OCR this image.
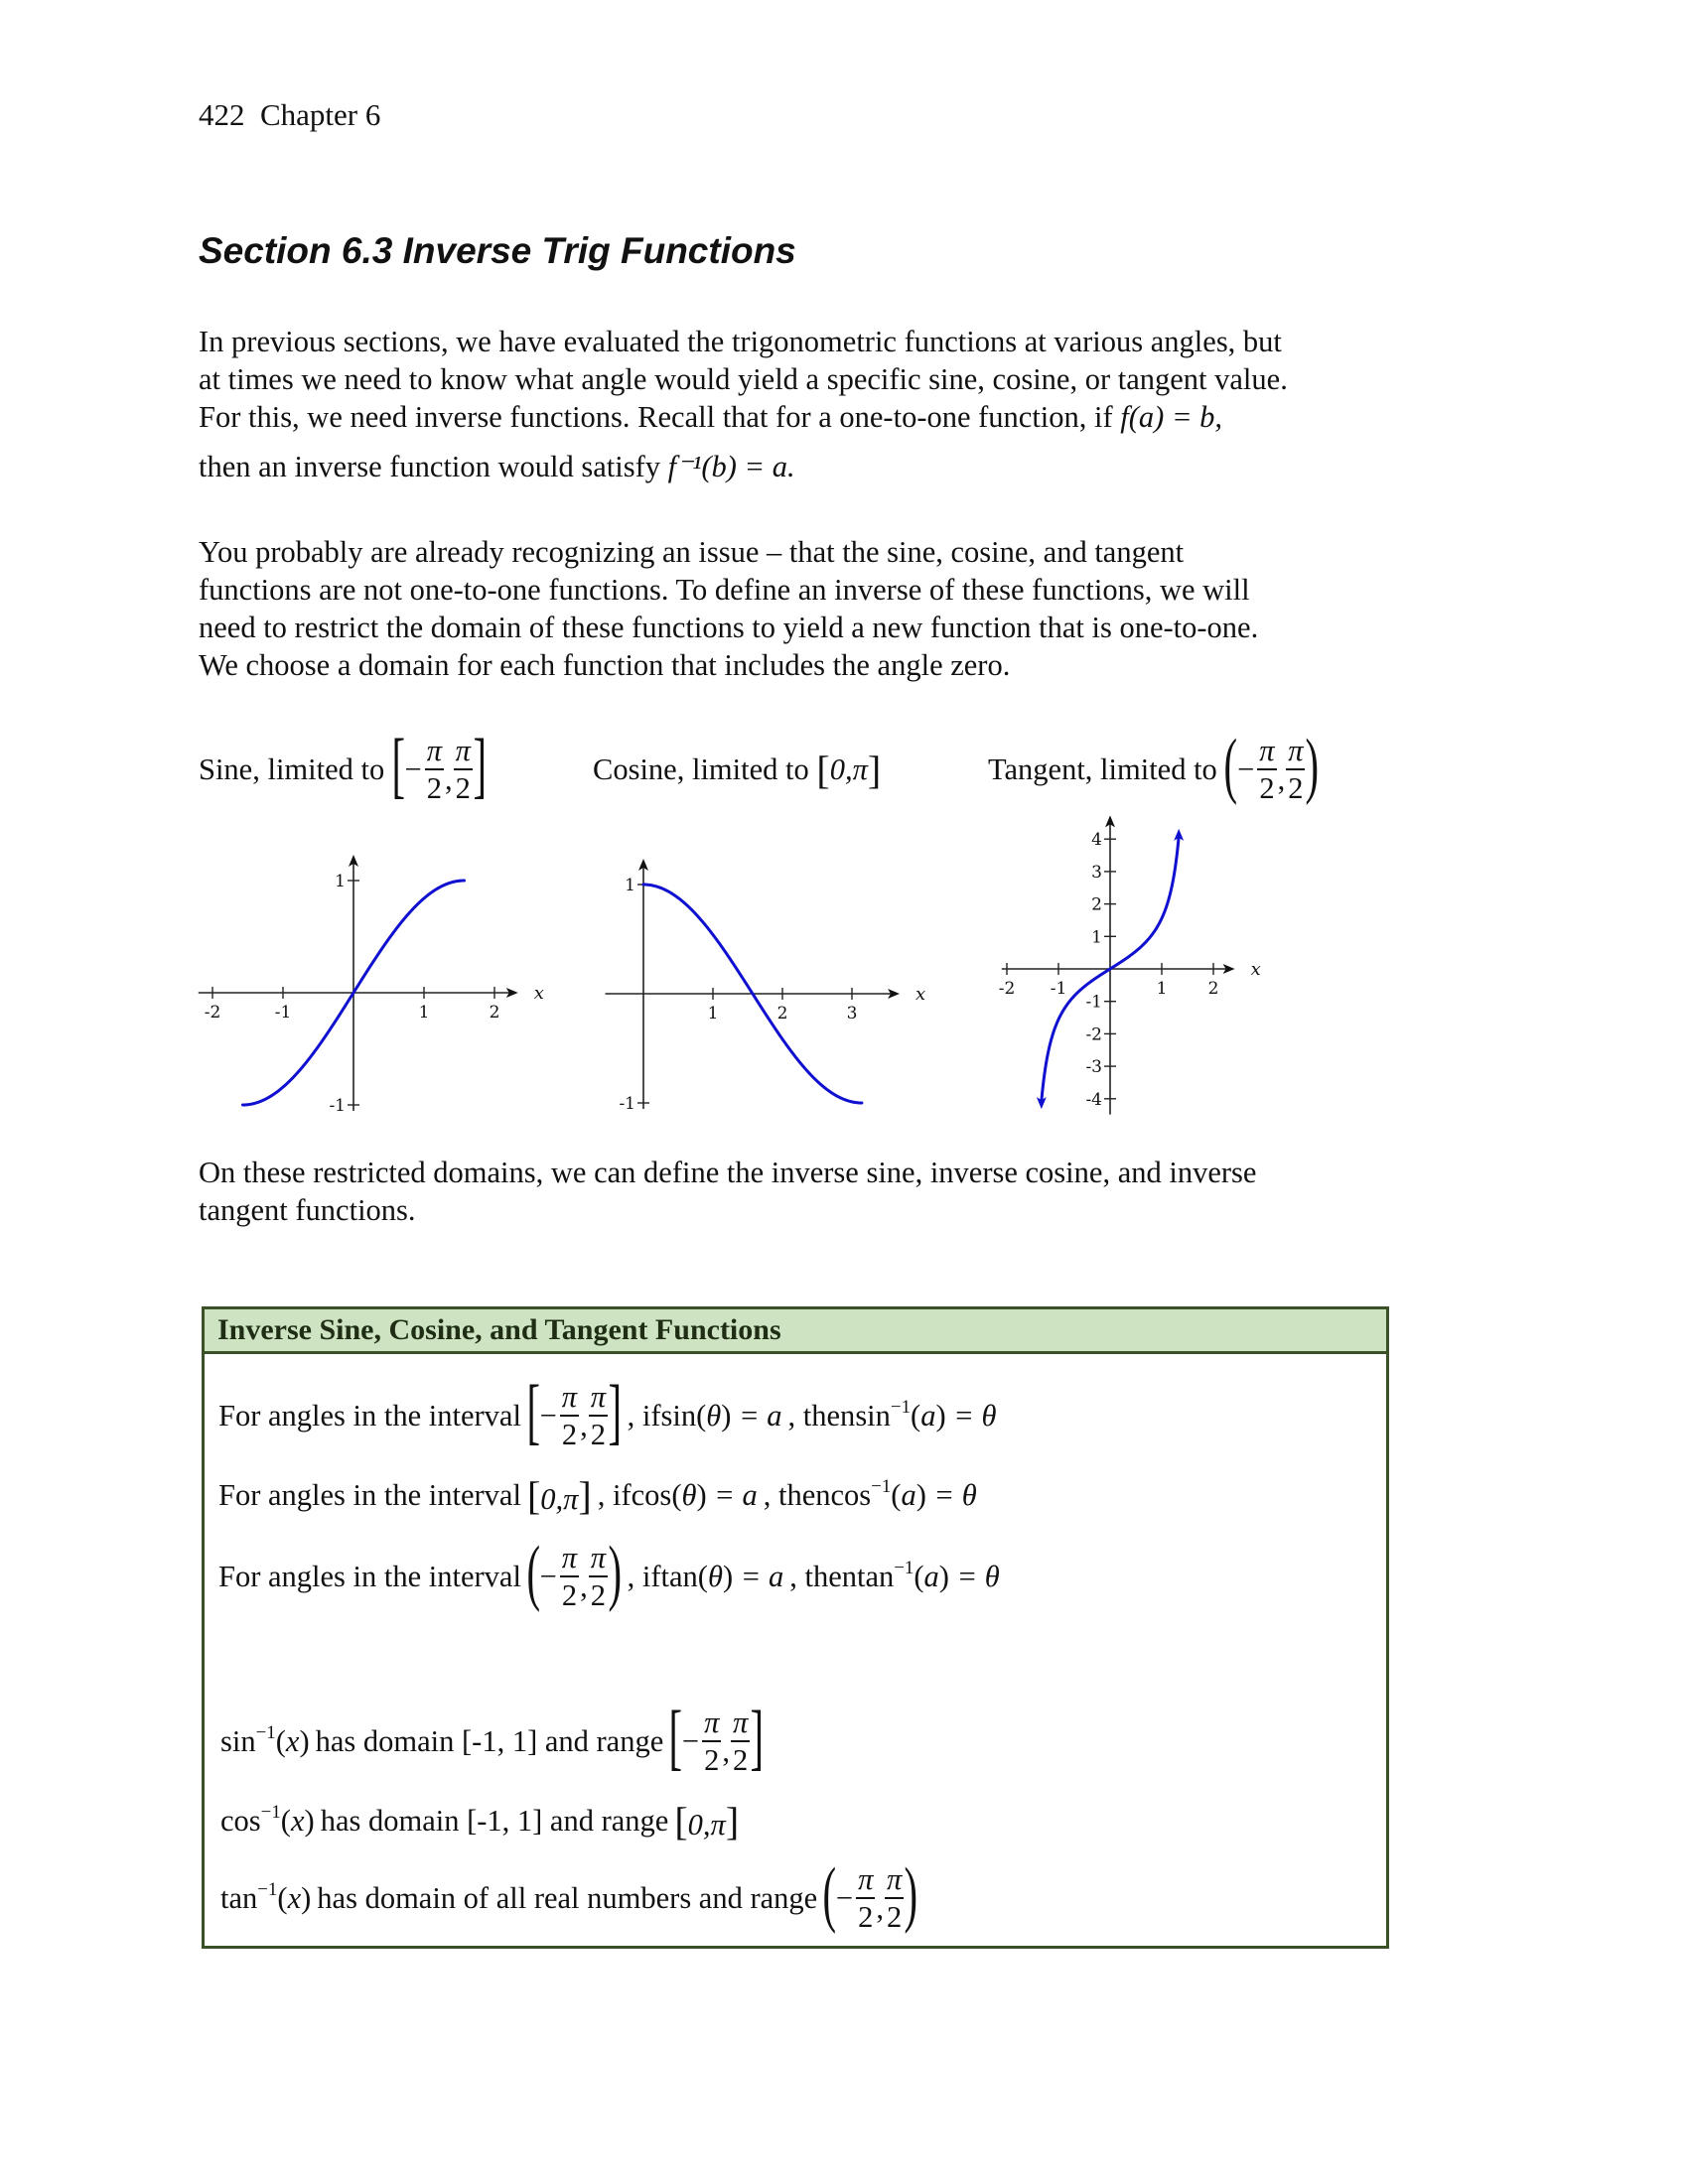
422  Chapter 6
Section 6.3 Inverse Trig Functions

In previous sections, we have evaluated the trigonometric functions at various angles, but

at times we need to know what angle would yield a specific sine, cosine, or tangent value.

For this, we need inverse functions. Recall that for a one-to-one function, if f(a) = b,

then an inverse function would satisfy f⁻¹(b) = a.

You probably are already recognizing an issue – that the sine, cosine, and tangent

functions are not one-to-one functions. To define an inverse of these functions, we will

need to restrict the domain of these functions to yield a new function that is one-to-one.

We choose a domain for each function that includes the angle zero.

Sine, limited to
[ − $\frac{\pi}{2}$ , $\frac{\pi}{2}$ ]	Cosine, limited to
[ 0,π ]	Tangent, limited to
( − $\frac{\pi}{2}$ , $\frac{\pi}{2}$ )
x
-2	-1	1	2
1
-1
x
1	2	3
1
-1
x
-2 -1	1 2
4
3
2
1
-1
-2
-3
-4

On these restricted domains, we can define the inverse sine, inverse cosine, and inverse

tangent functions.

Inverse Sine, Cosine, and Tangent Functions
For angles in the interval [ − $\frac{\pi}{2}$ , $\frac{\pi}{2}$ ] , if sin(θ) = a , then $\sin^{-1}(a) = \theta$
For angles in the interval [0,π] , if cos(θ) = a , then $\cos^{-1}(a) = \theta$
For angles in the interval ( − $\frac{\pi}{2}$ , $\frac{\pi}{2}$ ) , if tan(θ) = a , then $\tan^{-1}(a) = \theta$
$\sin^{-1}(x)$ has domain [-1, 1] and range [ − $\frac{\pi}{2}$ , $\frac{\pi}{2}$ ]
$\cos^{-1}(x)$ has domain [-1, 1] and range [0,π]
$\tan^{-1}(x)$ has domain of all real numbers and range ( − $\frac{\pi}{2}$ , $\frac{\pi}{2}$ )
